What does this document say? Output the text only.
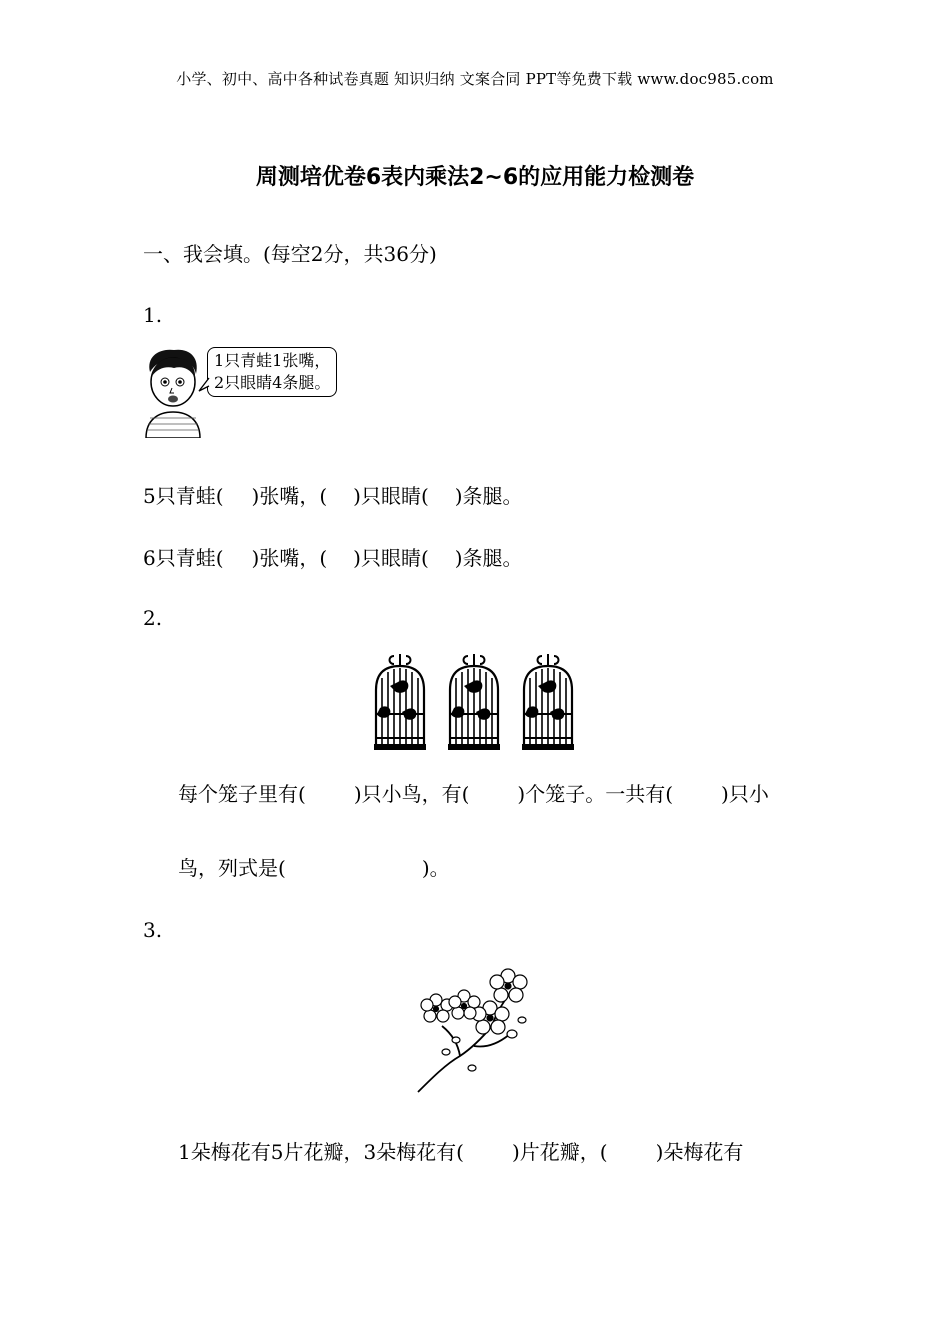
小学、初中、高中各种试卷真题 知识归纳 文案合同 PPT等免费下载 www.doc985.com
周测培优卷6表内乘法2~6的应用能力检测卷
一、我会填。(每空2分，共36分)
1.
1只青蛙1张嘴，
2只眼睛4条腿。
5只青蛙( )张嘴，( )只眼睛( )条腿。
6只青蛙( )张嘴，( )只眼睛( )条腿。
2.
每个笼子里有( )只小鸟，有( )个笼子。一共有( )只小
鸟，列式是(	)。
3.
1朵梅花有5片花瓣，3朵梅花有( )片花瓣，( )朵梅花有
